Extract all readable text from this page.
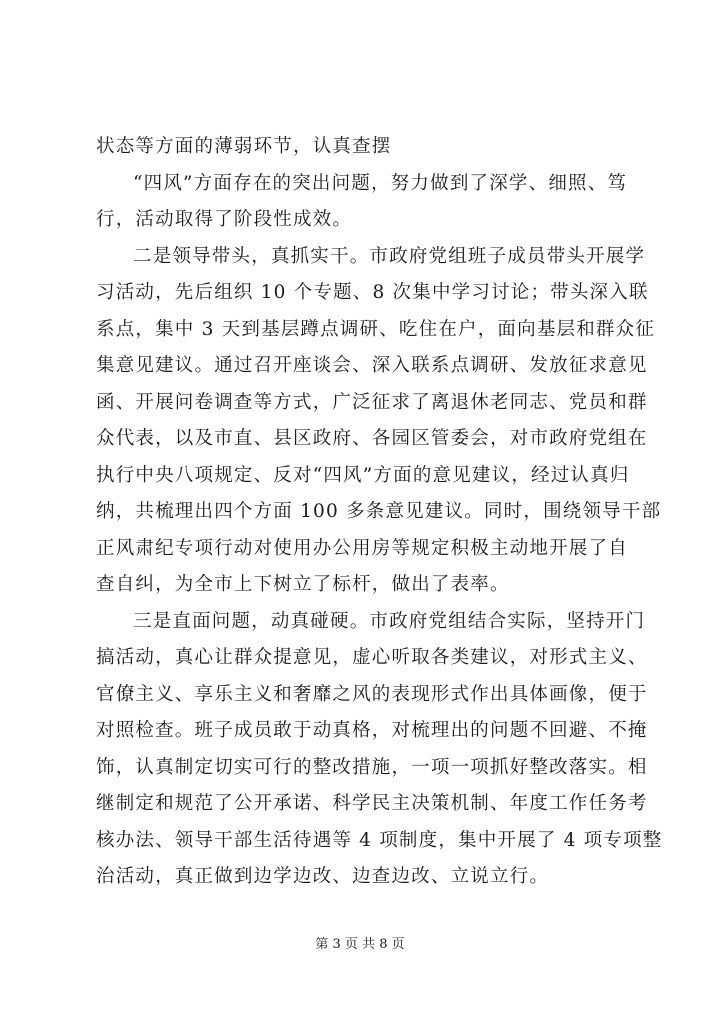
状态等方面的薄弱环节，认真查摆
“四风”方面存在的突出问题，努力做到了深学、细照、笃
行，活动取得了阶段性成效。
二是领导带头，真抓实干。市政府党组班子成员带头开展学
习活动，先后组织 10 个专题、8 次集中学习讨论；带头深入联
系点，集中 3 天到基层蹲点调研、吃住在户，面向基层和群众征
集意见建议。通过召开座谈会、深入联系点调研、发放征求意见
函、开展问卷调查等方式，广泛征求了离退休老同志、党员和群
众代表，以及市直、县区政府、各园区管委会，对市政府党组在
执行中央八项规定、反对“四风”方面的意见建议，经过认真归
纳，共梳理出四个方面 100 多条意见建议。同时，围绕领导干部
正风肃纪专项行动对使用办公用房等规定积极主动地开展了自
查自纠，为全市上下树立了标杆，做出了表率。
三是直面问题，动真碰硬。市政府党组结合实际，坚持开门
搞活动，真心让群众提意见，虚心听取各类建议，对形式主义、
官僚主义、享乐主义和奢靡之风的表现形式作出具体画像，便于
对照检查。班子成员敢于动真格，对梳理出的问题不回避、不掩
饰，认真制定切实可行的整改措施，一项一项抓好整改落实。相
继制定和规范了公开承诺、科学民主决策机制、年度工作任务考
核办法、领导干部生活待遇等 4 项制度，集中开展了 4 项专项整
治活动，真正做到边学边改、边查边改、立说立行。
第 3 页 共 8 页
